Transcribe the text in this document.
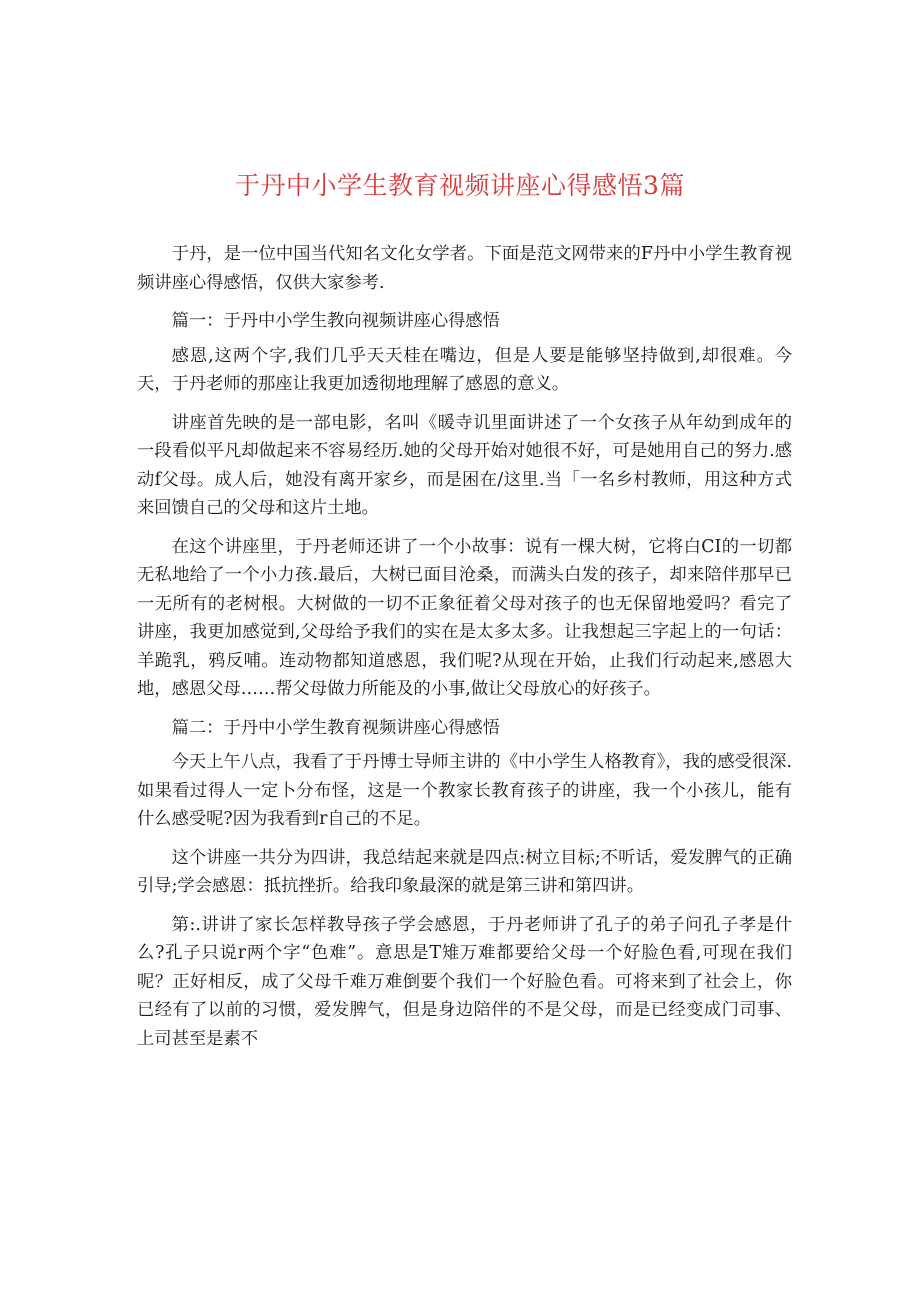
于丹中小学生教育视频讲座心得感悟3篇

于丹，是一位中国当代知名文化女学者。下面是范文网带来的F丹中小学生教育视频讲座心得感悟，仅供大家参考.

篇一：于丹中小学生教向视频讲座心得感悟

感恩,这两个字,我们几乎天天桂在嘴边，但是人要是能够坚持做到,却很难。今天，于丹老师的那座让我更加透彻地理解了感恩的意义。

讲座首先映的是一部电影，名叫《暖寺讥里面讲述了一个女孩子从年幼到成年的一段看似平凡却做起来不容易经历.她的父母开始对她很不好，可是她用自己的努力.感动f父母。成人后，她没有离开家乡，而是困在/这里.当「一名乡村教师，用这种方式来回馈自己的父母和这片土地。

在这个讲座里，于丹老师还讲了一个小故事：说有一棵大树，它将白CI的一切都无私地给了一个小力孩.最后，大树已面目沧桑，而满头白发的孩子，却来陪伴那早已一无所有的老树根。大树做的一切不正象征着父母对孩子的也无保留地爱吗？看完了讲座，我更加感觉到,父母给予我们的实在是太多太多。让我想起三字起上的一句话：羊跪乳，鸦反哺。连动物都知道感恩，我们呢?从现在开始，止我们行动起来,感恩大地，感恩父母……帮父母做力所能及的小事,做让父母放心的好孩子。

篇二：于丹中小学生教育视频讲座心得感悟

今天上午八点，我看了于丹博士导师主讲的《中小学生人格教育》，我的感受很深.如果看过得人一定卜分布怪，这是一个教家长教育孩子的讲座，我一个小孩儿，能有什么感受呢?因为我看到r自己的不足。

这个讲座一共分为四讲，我总结起来就是四点:树立目标;不听话，爱发脾气的正确引导;学会感恩：抵抗挫折。给我印象最深的就是第三讲和第四讲。

第:.讲讲了家长怎样教导孩子学会感恩，于丹老师讲了孔子的弟子问孔子孝是什么?孔子只说r两个字“色难”。意思是T雉万难都要给父母一个好脸色看,可现在我们呢？正好相反，成了父母千难万难倒要个我们一个好脸色看。可将来到了社会上，你已经有了以前的习惯，爱发脾气，但是身边陪伴的不是父母，而是已经变成门司事、上司甚至是素不
